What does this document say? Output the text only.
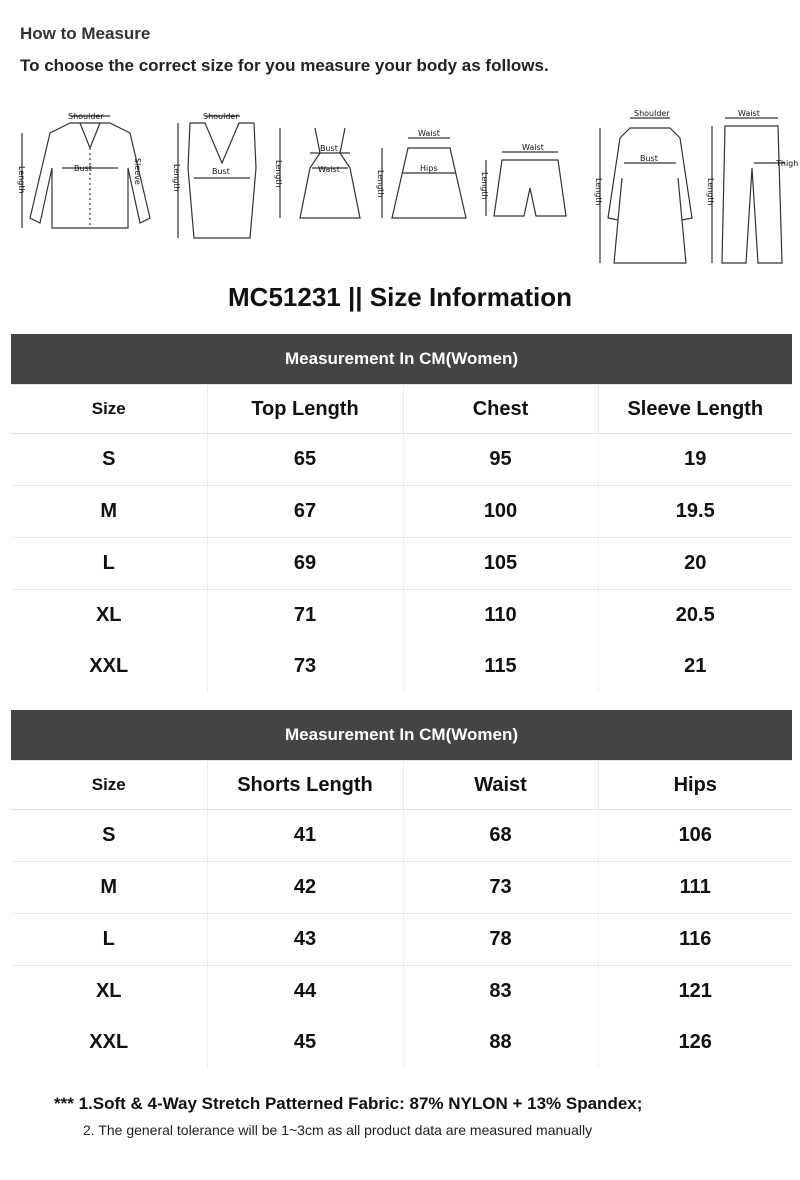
How to Measure
To choose the correct size for you measure your body as follows.
Shoulder
Bust	Sleeve
Length
Shoulder
Bust
Length
Bust
Waist
Length
Waist
Hips
Length
Waist
Length
Shoulder
Bust
Length
Waist
Thigh
Length
MC51231 || Size Information
Measurement In CM(Women)			
Size	Top Length	Chest	Sleeve Length
S	65	95	19
M	67	100	19.5
L	69	105	20
XL	71	110	20.5
XXL	73	115	21
Measurement In CM(Women)			
Size	Shorts Length	Waist	Hips
S	41	68	106
M	42	73	111
L	43	78	116
XL	44	83	121
XXL	45	88	126
*** 1.Soft & 4-Way Stretch Patterned Fabric: 87% NYLON + 13% Spandex;
2. The general tolerance will be 1~3cm as all product data are measured manually
